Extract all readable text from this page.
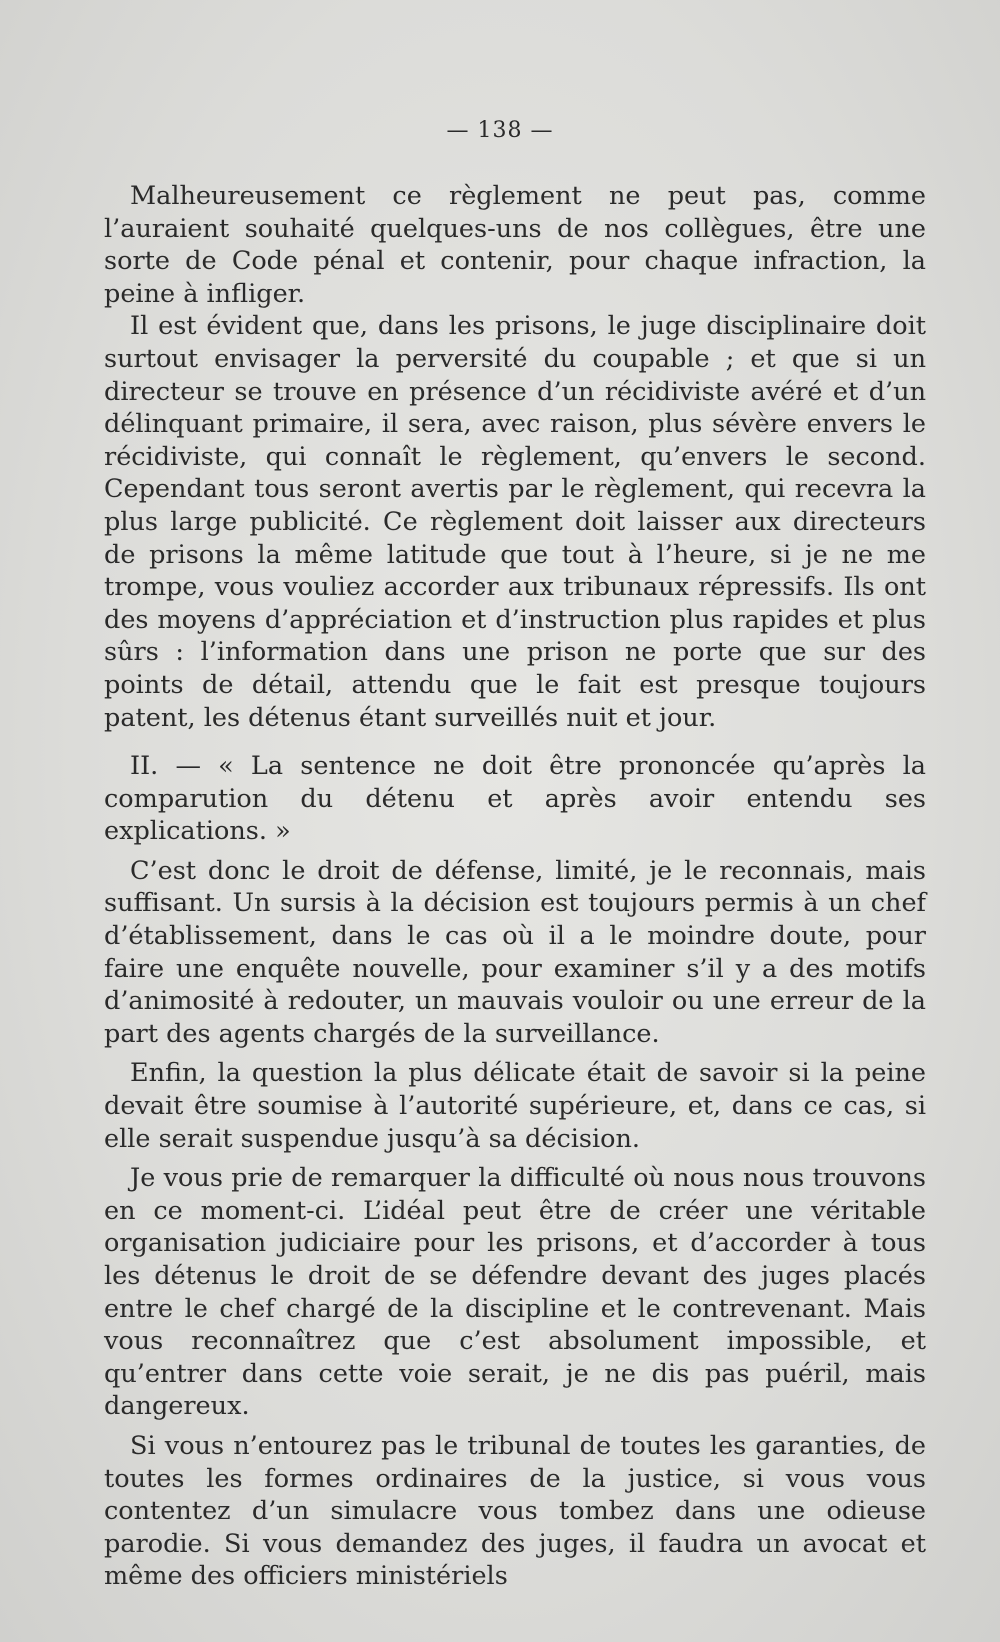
— 138 —

Malheureusement ce règlement ne peut pas, comme l’auraient souhaité quelques-uns de nos collègues, être une sorte de Code pénal et contenir, pour chaque infraction, la peine à infliger.

Il est évident que, dans les prisons, le juge disciplinaire doit surtout envisager la perversité du coupable ; et que si un directeur se trouve en présence d’un récidiviste avéré et d’un délinquant primaire, il sera, avec raison, plus sévère envers le récidiviste, qui connaît le règlement, qu’envers le second. Cependant tous seront avertis par le règlement, qui recevra la plus large publicité. Ce règlement doit laisser aux directeurs de prisons la même latitude que tout à l’heure, si je ne me trompe, vous vouliez accorder aux tribunaux répressifs. Ils ont des moyens d’appréciation et d’instruction plus rapides et plus sûrs : l’information dans une prison ne porte que sur des points de détail, attendu que le fait est presque toujours patent, les détenus étant surveillés nuit et jour.

II. — « La sentence ne doit être prononcée qu’après la comparution du détenu et après avoir entendu ses explications. »

C’est donc le droit de défense, limité, je le reconnais, mais suffisant. Un sursis à la décision est toujours permis à un chef d’établissement, dans le cas où il a le moindre doute, pour faire une enquête nouvelle, pour examiner s’il y a des motifs d’animosité à redouter, un mauvais vouloir ou une erreur de la part des agents chargés de la surveillance.

Enfin, la question la plus délicate était de savoir si la peine devait être soumise à l’autorité supérieure, et, dans ce cas, si elle serait suspendue jusqu’à sa décision.

Je vous prie de remarquer la difficulté où nous nous trouvons en ce moment-ci. L’idéal peut être de créer une véritable organisation judiciaire pour les prisons, et d’accorder à tous les détenus le droit de se défendre devant des juges placés entre le chef chargé de la discipline et le contrevenant. Mais vous reconnaîtrez que c’est absolument impossible, et qu’entrer dans cette voie serait, je ne dis pas puéril, mais dangereux.

Si vous n’entourez pas le tribunal de toutes les garanties, de toutes les formes ordinaires de la justice, si vous vous contentez d’un simulacre vous tombez dans une odieuse parodie. Si vous demandez des juges, il faudra un avocat et même des officiers ministériels
